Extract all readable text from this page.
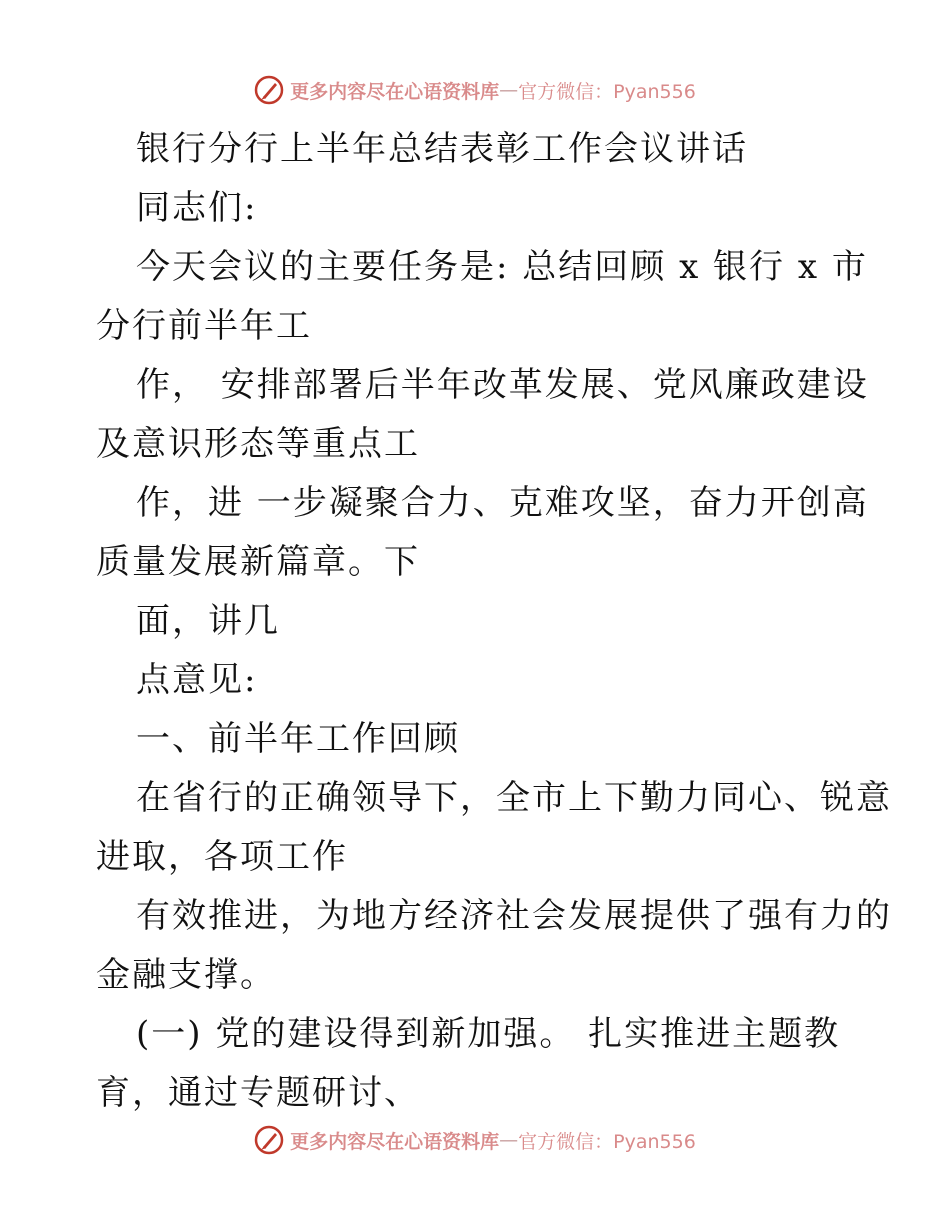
更多内容尽在心语资料库 — 官方微信：Pyan556
银行分行上半年总结表彰工作会议讲话
同志们:
今天会议的主要任务是: 总结回顾 x 银行 x 市
分行前半年工
作， 安排部署后半年改革发展、党风廉政建设
及意识形态等重点工
作，进 一步凝聚合力、克难攻坚，奋力开创高
质量发展新篇章。下
面，讲几
点意见:
一、前半年工作回顾
在省行的正确领导下，全市上下勤力同心、锐意
进取，各项工作
有效推进，为地方经济社会发展提供了强有力的
金融支撑。
(一) 党的建设得到新加强。 扎实推进主题教
育，通过专题研讨、
更多内容尽在心语资料库 — 官方微信：Pyan556
